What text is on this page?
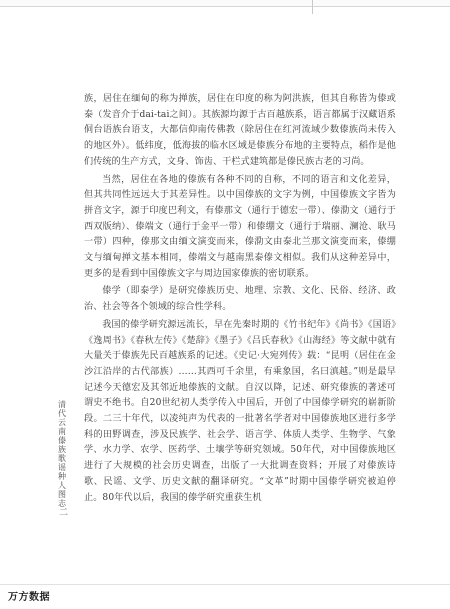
族，居住在缅甸的称为掸族，居住在印度的称为阿洪族，但其自称皆为傣或泰（发音介于dai-tai之间）。其族源均源于古百越族系，语言都属于汉藏语系侗台语族台语支，大都信仰南传佛教（除居住在红河流域少数傣族尚未传入的地区外）。低纬度，低海拔的临水区域是傣族分布地的主要特点，稻作是他们传统的生产方式，文身、饰齿、干栏式建筑都是傣民族古老的习尚。

当然，居住在各地的傣族有各种不同的自称，不同的语言和文化差异，但其共同性远远大于其差异性。以中国傣族的文字为例，中国傣族文字皆为拼音文字，源于印度巴利文，有傣那文（通行于德宏一带）、傣泐文（通行于西双版纳）、傣端文（通行于金平一带）和傣绷文（通行于瑞丽、澜沧、耿马一带）四种，傣那文由缅文演变而来，傣泐文由泰北兰那文演变而来，傣绷文与缅甸掸文基本相同，傣端文与越南黑泰傣文相似。我们从这种差异中，更多的是看到中国傣族文字与周边国家傣族的密切联系。

傣学（即泰学）是研究傣族历史、地理、宗教、文化、民俗、经济、政治、社会等各个领域的综合性学科。

我国的傣学研究源远流长，早在先秦时期的《竹书纪年》《尚书》《国语》《逸周书》《春秋左传》《楚辞》《墨子》《吕氏春秋》《山海经》等文献中就有大量关于傣族先民百越族系的记述。《史记·大宛列传》载：“昆明（居住在金沙江沿岸的古代部族）……其西可千余里，有乘象国，名曰滇越。”则是最早记述今天德宏及其邻近地傣族的文献。自汉以降，记述、研究傣族的著述可谓史不绝书。自20世纪初人类学传入中国后，开创了中国傣学研究的崭新阶段。二三十年代，以凌纯声为代表的一批著名学者对中国傣族地区进行多学科的田野调查，涉及民族学、社会学、语言学、体质人类学、生物学、气象学、水力学、农学、医药学、土壤学等研究领域。50年代，对中国傣族地区进行了大规模的社会历史调查，出版了一大批调查资料；开展了对傣族诗歌、民谣、文学、历史文献的翻译研究。“文革”时期中国傣学研究被迫停止。80年代以后，我国的傣学研究重获生机

清代云南傣族歌谣种人图志
二
万方数据
